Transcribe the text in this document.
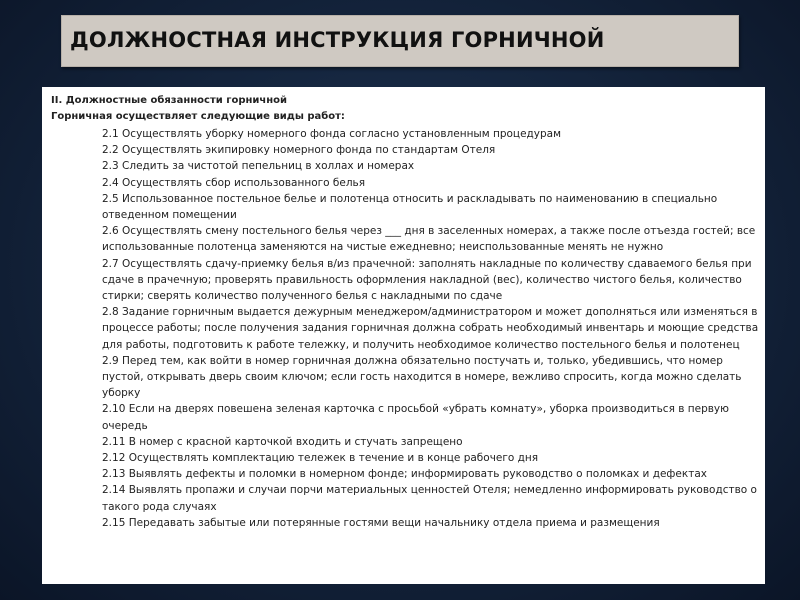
ДОЛЖНОСТНАЯ ИНСТРУКЦИЯ ГОРНИЧНОЙ
II. Должностные обязанности горничной
Горничная осуществляет следующие виды работ:
2.1 Осуществлять уборку номерного фонда согласно установленным процедурам
2.2 Осуществлять экипировку номерного фонда по стандартам Отеля
2.3 Следить за чистотой пепельниц в холлах и номерах
2.4 Осуществлять сбор использованного белья
2.5 Использованное постельное белье и полотенца относить и раскладывать по наименованию в специально отведенном помещении
2.6 Осуществлять смену постельного белья через ___ дня в заселенных номерах, а также после отъезда гостей; все использованные полотенца заменяются на чистые ежедневно; неиспользованные менять не нужно
2.7 Осуществлять сдачу-приемку белья в/из прачечной: заполнять накладные по количеству сдаваемого белья при сдаче в прачечную; проверять правильность оформления накладной (вес), количество чистого белья, количество стирки; сверять количество полученного белья с накладными по сдаче
2.8 Задание горничным выдается дежурным менеджером/администратором и может дополняться или изменяться в процессе работы; после получения задания горничная должна собрать необходимый инвентарь и моющие средства для работы, подготовить к работе тележку, и получить необходимое количество постельного белья и полотенец
2.9 Перед тем, как войти в номер горничная должна обязательно постучать и, только, убедившись, что номер пустой, открывать дверь своим ключом; если гость находится в номере, вежливо спросить, когда можно сделать уборку
2.10 Если на дверях повешена зеленая карточка с просьбой «убрать комнату», уборка производиться в первую очередь
2.11 В номер с красной карточкой входить и стучать запрещено
2.12 Осуществлять комплектацию тележек в течение и в конце рабочего дня
2.13 Выявлять дефекты и поломки в номерном фонде; информировать руководство о поломках и дефектах
2.14 Выявлять пропажи и случаи порчи материальных ценностей Отеля; немедленно информировать руководство о такого рода случаях
2.15 Передавать забытые или потерянные гостями вещи начальнику отдела приема и размещения
